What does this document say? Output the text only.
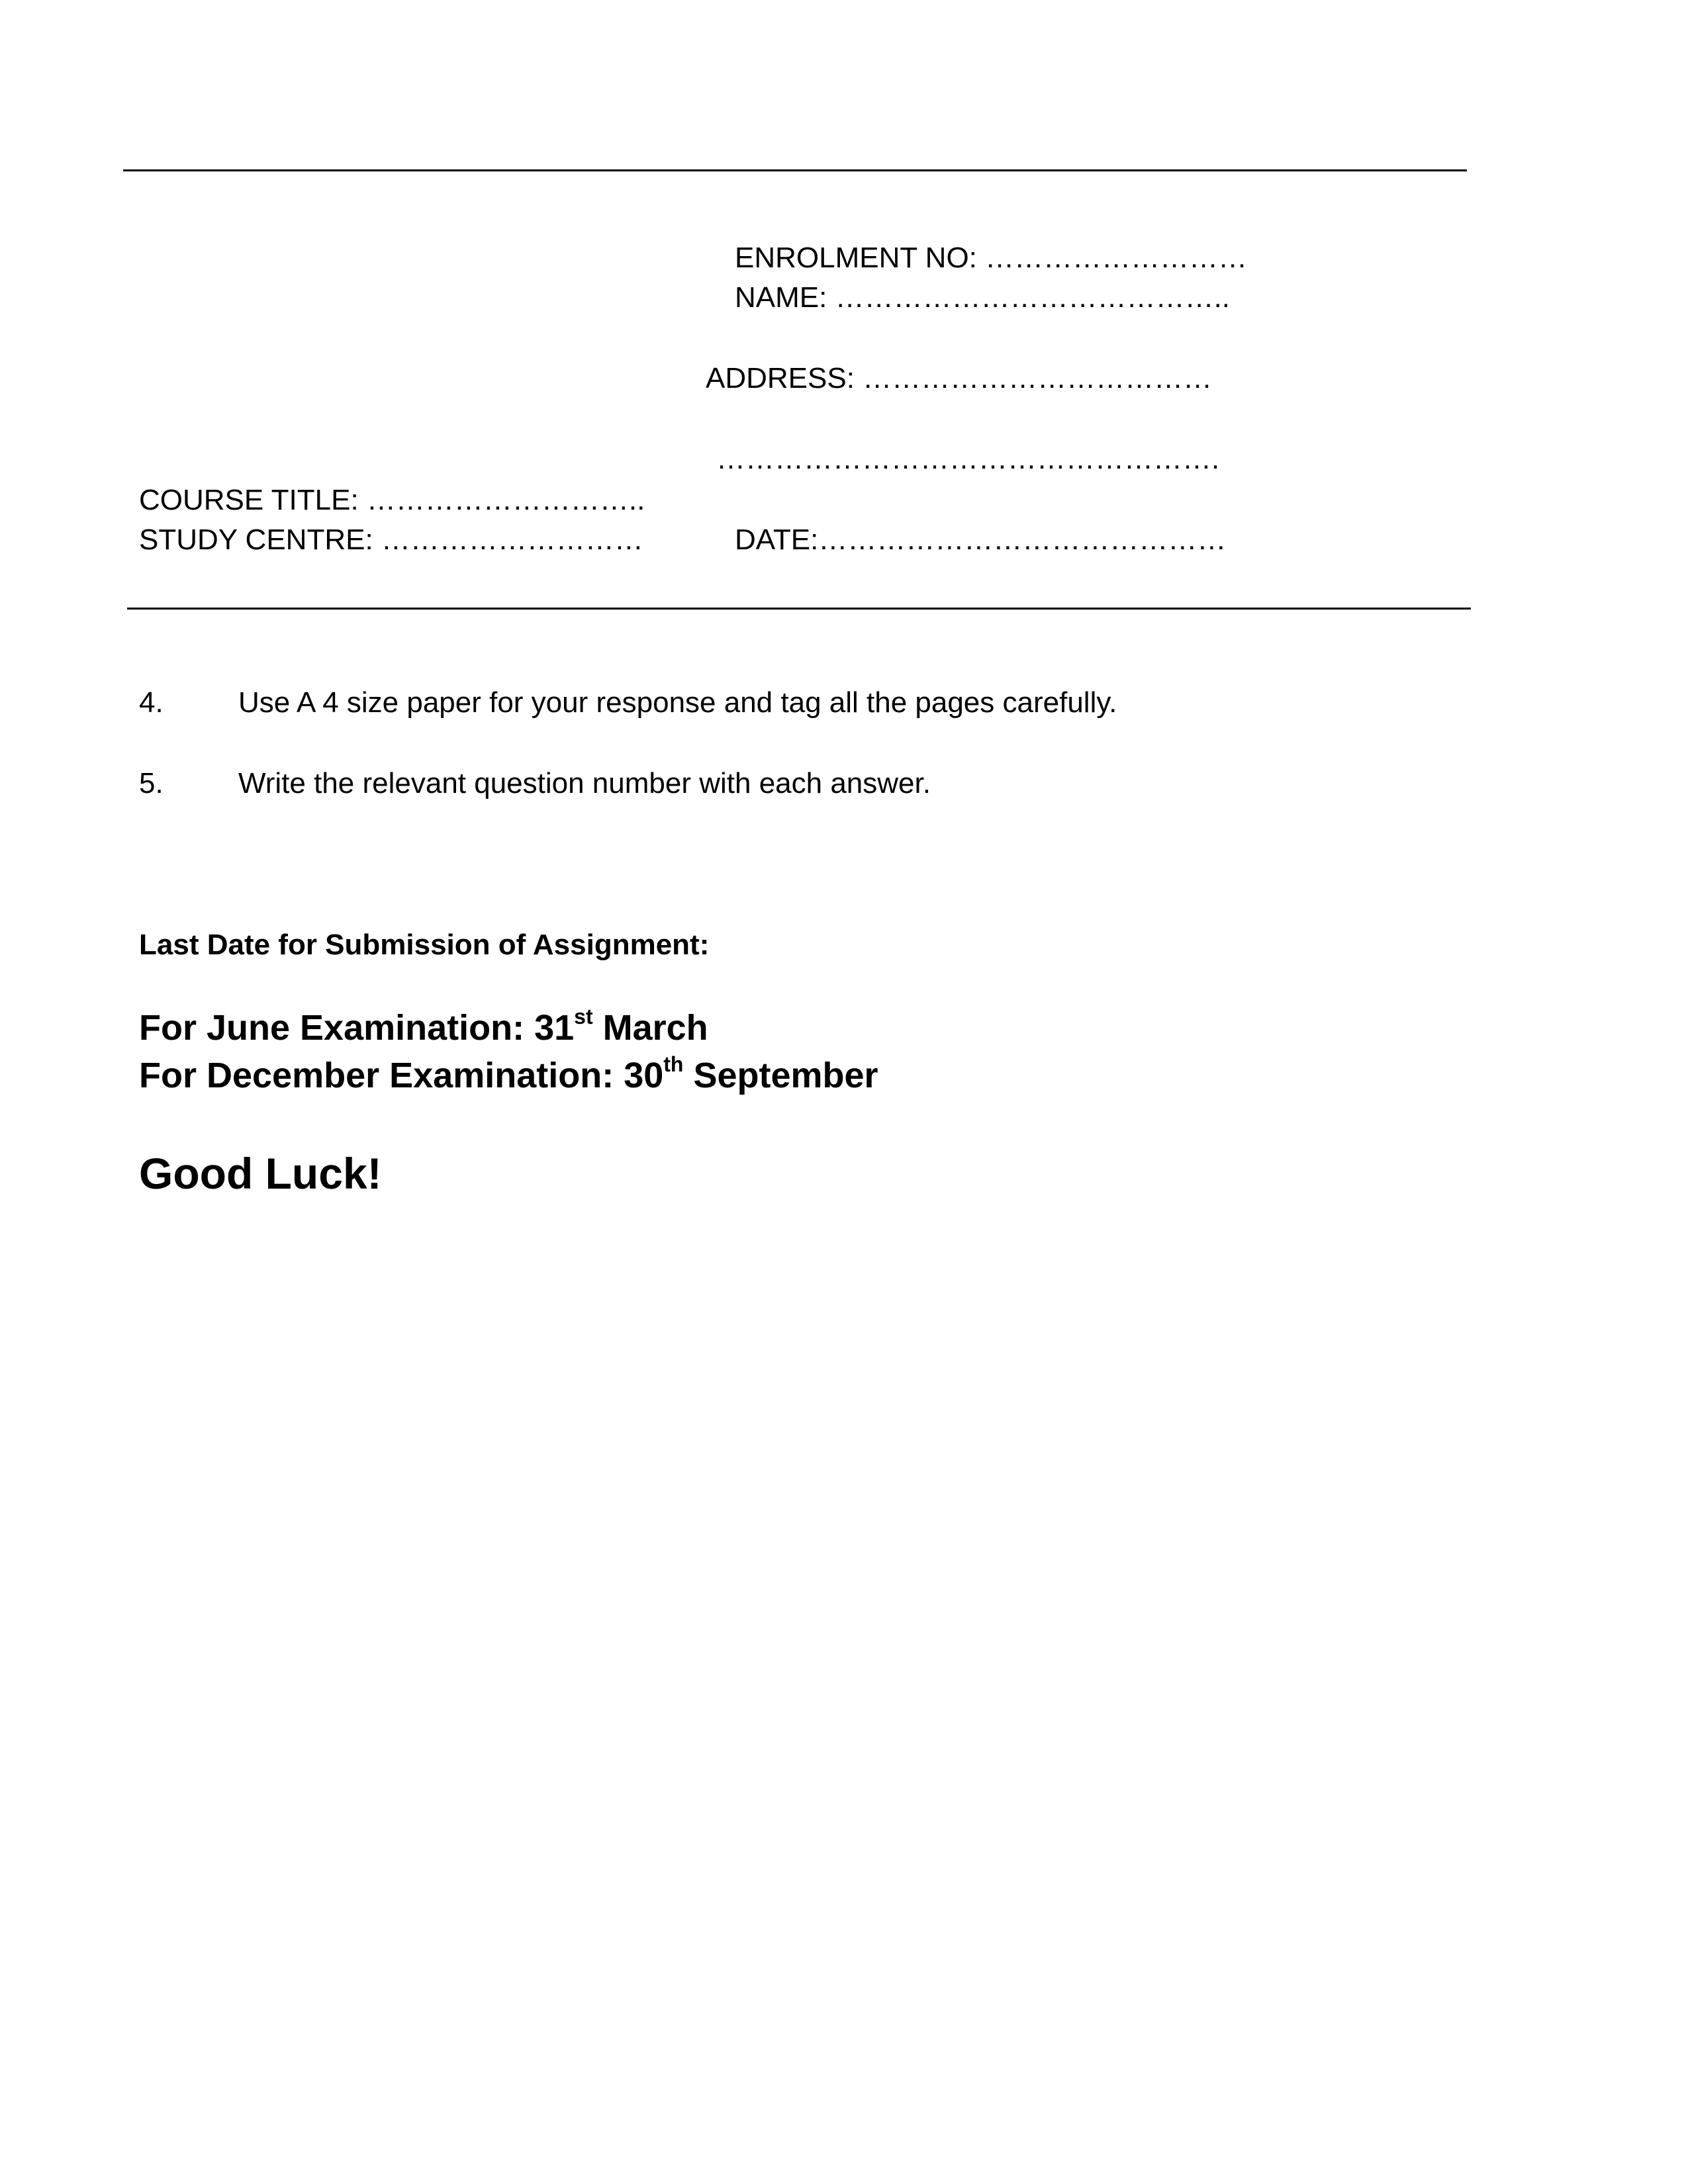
ENROLMENT NO: ………………………
NAME: …………………………………..
ADDRESS: ………………………………
…………………………………………….
COURSE TITLE: ………………………..
STUDY CENTRE: ………………………	DATE:……………………………………
4.	Use A 4 size paper for your response and tag all the pages carefully.
5.	Write the relevant question number with each answer.
Last Date for Submission of Assignment:
For June Examination: 31st March
For December Examination: 30th September
Good Luck!
